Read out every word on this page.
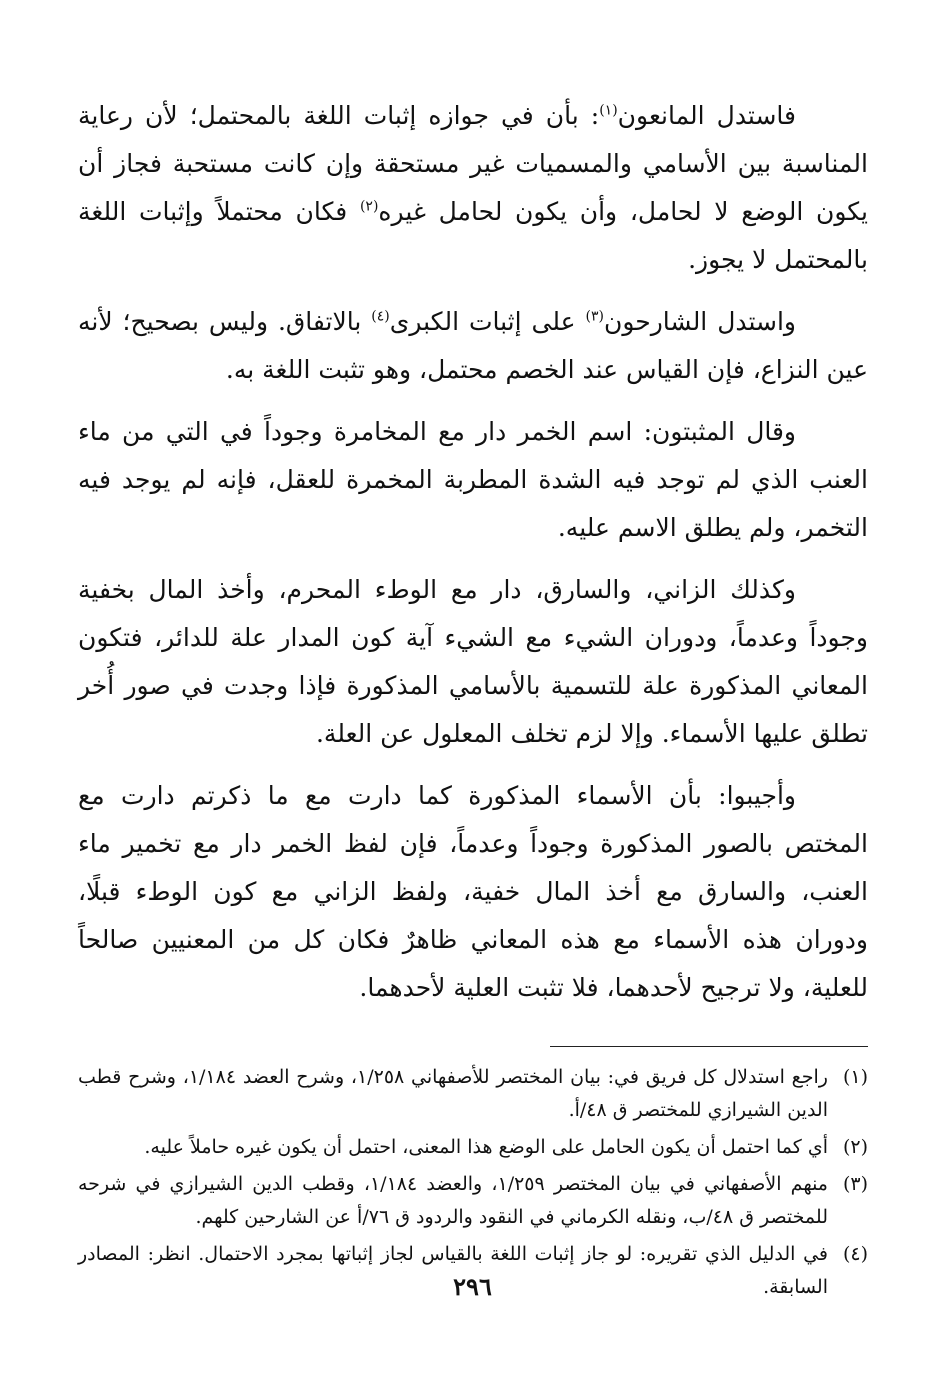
فاستدل المانعون$^{(١)}$: بأن في جوازه إثبات اللغة بالمحتمل؛ لأن رعاية المناسبة بين الأسامي والمسميات غير مستحقة وإن كانت مستحبة فجاز أن يكون الوضع لا لحامل، وأن يكون لحامل غيره$^{(٢)}$ فكان محتملاً وإثبات اللغة بالمحتمل لا يجوز.

واستدل الشارحون$^{(٣)}$ على إثبات الكبرى$^{(٤)}$ بالاتفاق. وليس بصحيح؛ لأنه عين النزاع، فإن القياس عند الخصم محتمل، وهو تثبت اللغة به.

وقال المثبتون: اسم الخمر دار مع المخامرة وجوداً في التي من ماء العنب الذي لم توجد فيه الشدة المطربة المخمرة للعقل، فإنه لم يوجد فيه التخمر، ولم يطلق الاسم عليه.

وكذلك الزاني، والسارق، دار مع الوطء المحرم، وأخذ المال بخفية وجوداً وعدماً، ودوران الشيء مع الشيء آية كون المدار علة للدائر، فتكون المعاني المذكورة علة للتسمية بالأسامي المذكورة فإذا وجدت في صور أُخر تطلق عليها الأسماء. وإلا لزم تخلف المعلول عن العلة.

وأجيبوا: بأن الأسماء المذكورة كما دارت مع ما ذكرتم دارت مع المختص بالصور المذكورة وجوداً وعدماً، فإن لفظ الخمر دار مع تخمير ماء العنب، والسارق مع أخذ المال خفية، ولفظ الزاني مع كون الوطء قبلًا، ودوران هذه الأسماء مع هذه المعاني ظاهرٌ فكان كل من المعنيين صالحاً للعلية، ولا ترجيح لأحدهما، فلا تثبت العلية لأحدهما.

(١)
راجع استدلال كل فريق في: بيان المختصر للأصفهاني ١/٢٥٨، وشرح العضد ١/١٨٤، وشرح قطب الدين الشيرازي للمختصر ق ٤٨/أ.
(٢)
أي كما احتمل أن يكون الحامل على الوضع هذا المعنى، احتمل أن يكون غيره حاملاً عليه.
(٣)
منهم الأصفهاني في بيان المختصر ١/٢٥٩، والعضد ١/١٨٤، وقطب الدين الشيرازي في شرحه للمختصر ق ٤٨/ب، ونقله الكرماني في النقود والردود ق ٧٦/أ عن الشارحين كلهم.
(٤)
في الدليل الذي تقريره: لو جاز إثبات اللغة بالقياس لجاز إثباتها بمجرد الاحتمال. انظر: المصادر السابقة.
٢٩٦
